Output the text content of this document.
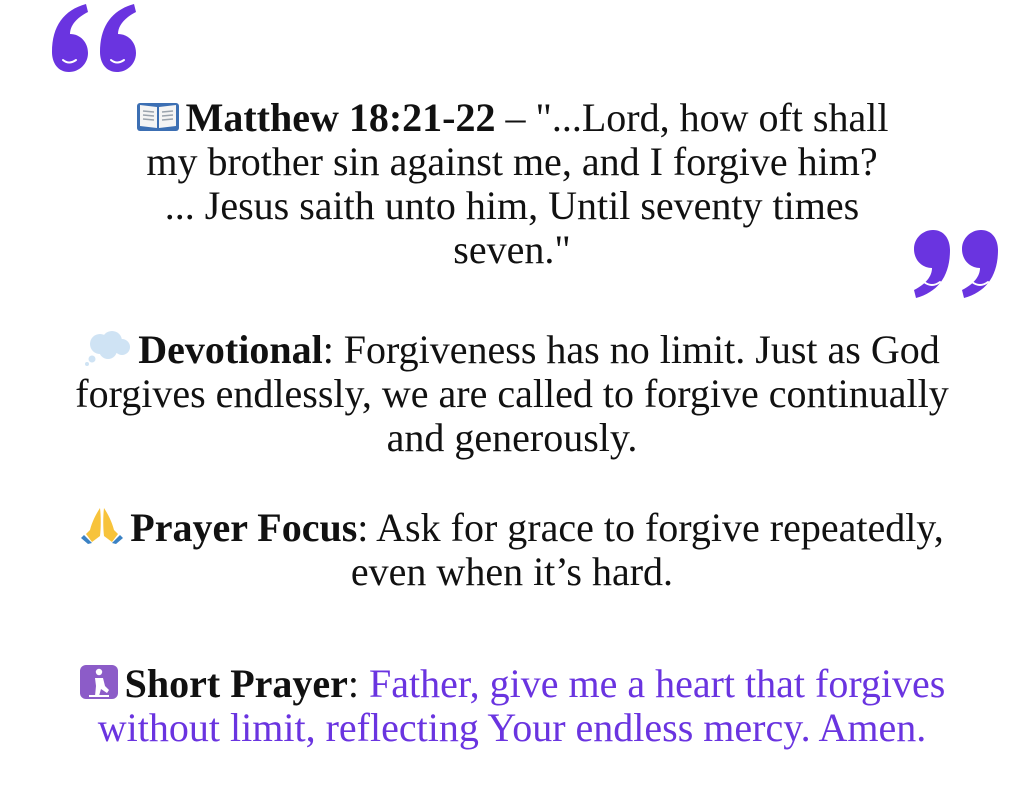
Matthew 18:21-22 – "...Lord, how oft shall
my brother sin against me, and I forgive him?
... Jesus saith unto him, Until seventy times
seven."
Devotional: Forgiveness has no limit. Just as God
forgives endlessly, we are called to forgive continually
and generously.
Prayer Focus: Ask for grace to forgive repeatedly,
even when it’s hard.
Short Prayer: Father, give me a heart that forgives
without limit, reflecting Your endless mercy. Amen.
